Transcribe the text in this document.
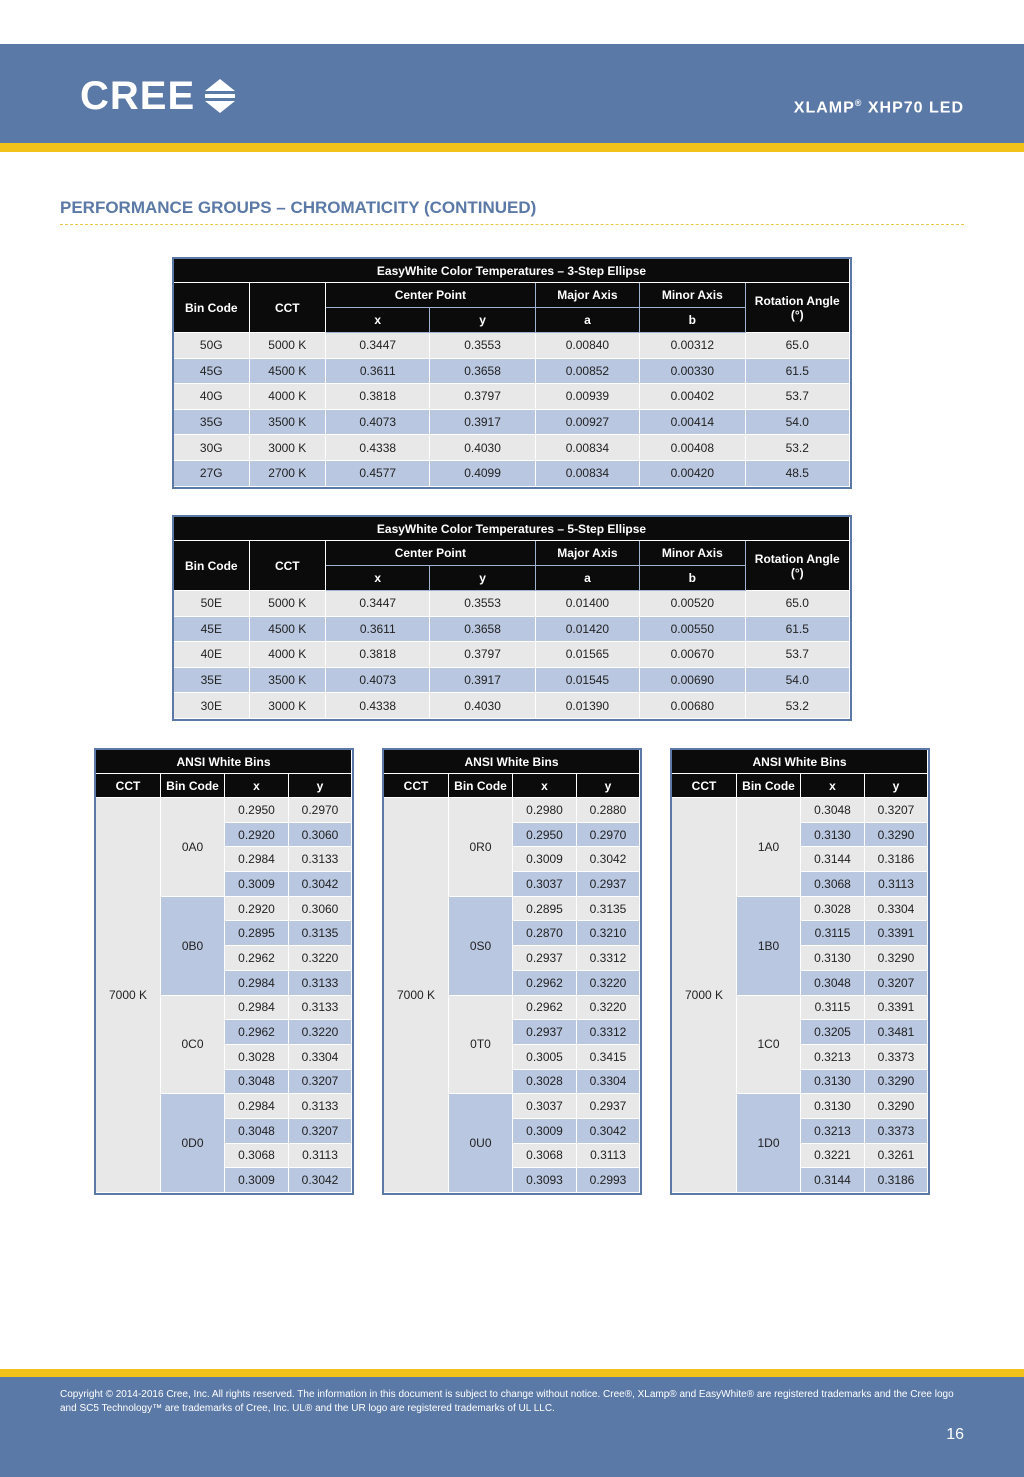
CREE	XLAMP® XHP70 LED
PERFORMANCE GROUPS – CHROMATICITY (CONTINUED)
EasyWhite Color Temperatures – 3-Step Ellipse						
Bin Code	CCT	Center Point		Major Axis	Minor Axis	Rotation Angle
(°)
		x	y	a	b	
50G	5000 K	0.3447	0.3553	0.00840	0.00312	65.0
45G	4500 K	0.3611	0.3658	0.00852	0.00330	61.5
40G	4000 K	0.3818	0.3797	0.00939	0.00402	53.7
35G	3500 K	0.4073	0.3917	0.00927	0.00414	54.0
30G	3000 K	0.4338	0.4030	0.00834	0.00408	53.2
27G	2700 K	0.4577	0.4099	0.00834	0.00420	48.5
EasyWhite Color Temperatures – 5-Step Ellipse						
Bin Code	CCT	Center Point		Major Axis	Minor Axis	Rotation Angle
(°)
		x	y	a	b	
50E	5000 K	0.3447	0.3553	0.01400	0.00520	65.0
45E	4500 K	0.3611	0.3658	0.01420	0.00550	61.5
40E	4000 K	0.3818	0.3797	0.01565	0.00670	53.7
35E	3500 K	0.4073	0.3917	0.01545	0.00690	54.0
30E	3000 K	0.4338	0.4030	0.01390	0.00680	53.2
ANSI White Bins			
CCT	Bin Code	x	y
7000 K	0A0	0.2950	0.2970
		0.2920	0.3060
		0.2984	0.3133
		0.3009	0.3042
	0B0	0.2920	0.3060
		0.2895	0.3135
		0.2962	0.3220
		0.2984	0.3133
	0C0	0.2984	0.3133
		0.2962	0.3220
		0.3028	0.3304
		0.3048	0.3207
	0D0	0.2984	0.3133
		0.3048	0.3207
		0.3068	0.3113
		0.3009	0.3042
ANSI White Bins			
CCT	Bin Code	x	y
7000 K	0R0	0.2980	0.2880
		0.2950	0.2970
		0.3009	0.3042
		0.3037	0.2937
	0S0	0.2895	0.3135
		0.2870	0.3210
		0.2937	0.3312
		0.2962	0.3220
	0T0	0.2962	0.3220
		0.2937	0.3312
		0.3005	0.3415
		0.3028	0.3304
	0U0	0.3037	0.2937
		0.3009	0.3042
		0.3068	0.3113
		0.3093	0.2993
ANSI White Bins			
CCT	Bin Code	x	y
7000 K	1A0	0.3048	0.3207
		0.3130	0.3290
		0.3144	0.3186
		0.3068	0.3113
	1B0	0.3028	0.3304
		0.3115	0.3391
		0.3130	0.3290
		0.3048	0.3207
	1C0	0.3115	0.3391
		0.3205	0.3481
		0.3213	0.3373
		0.3130	0.3290
	1D0	0.3130	0.3290
		0.3213	0.3373
		0.3221	0.3261
		0.3144	0.3186
Copyright © 2014-2016 Cree, Inc. All rights reserved. The information in this document is subject to change without notice. Cree®, XLamp® and EasyWhite® are registered trademarks and the Cree logo and SC5 Technology™ are trademarks of Cree, Inc. UL® and the UR logo are registered trademarks of UL LLC.
16
